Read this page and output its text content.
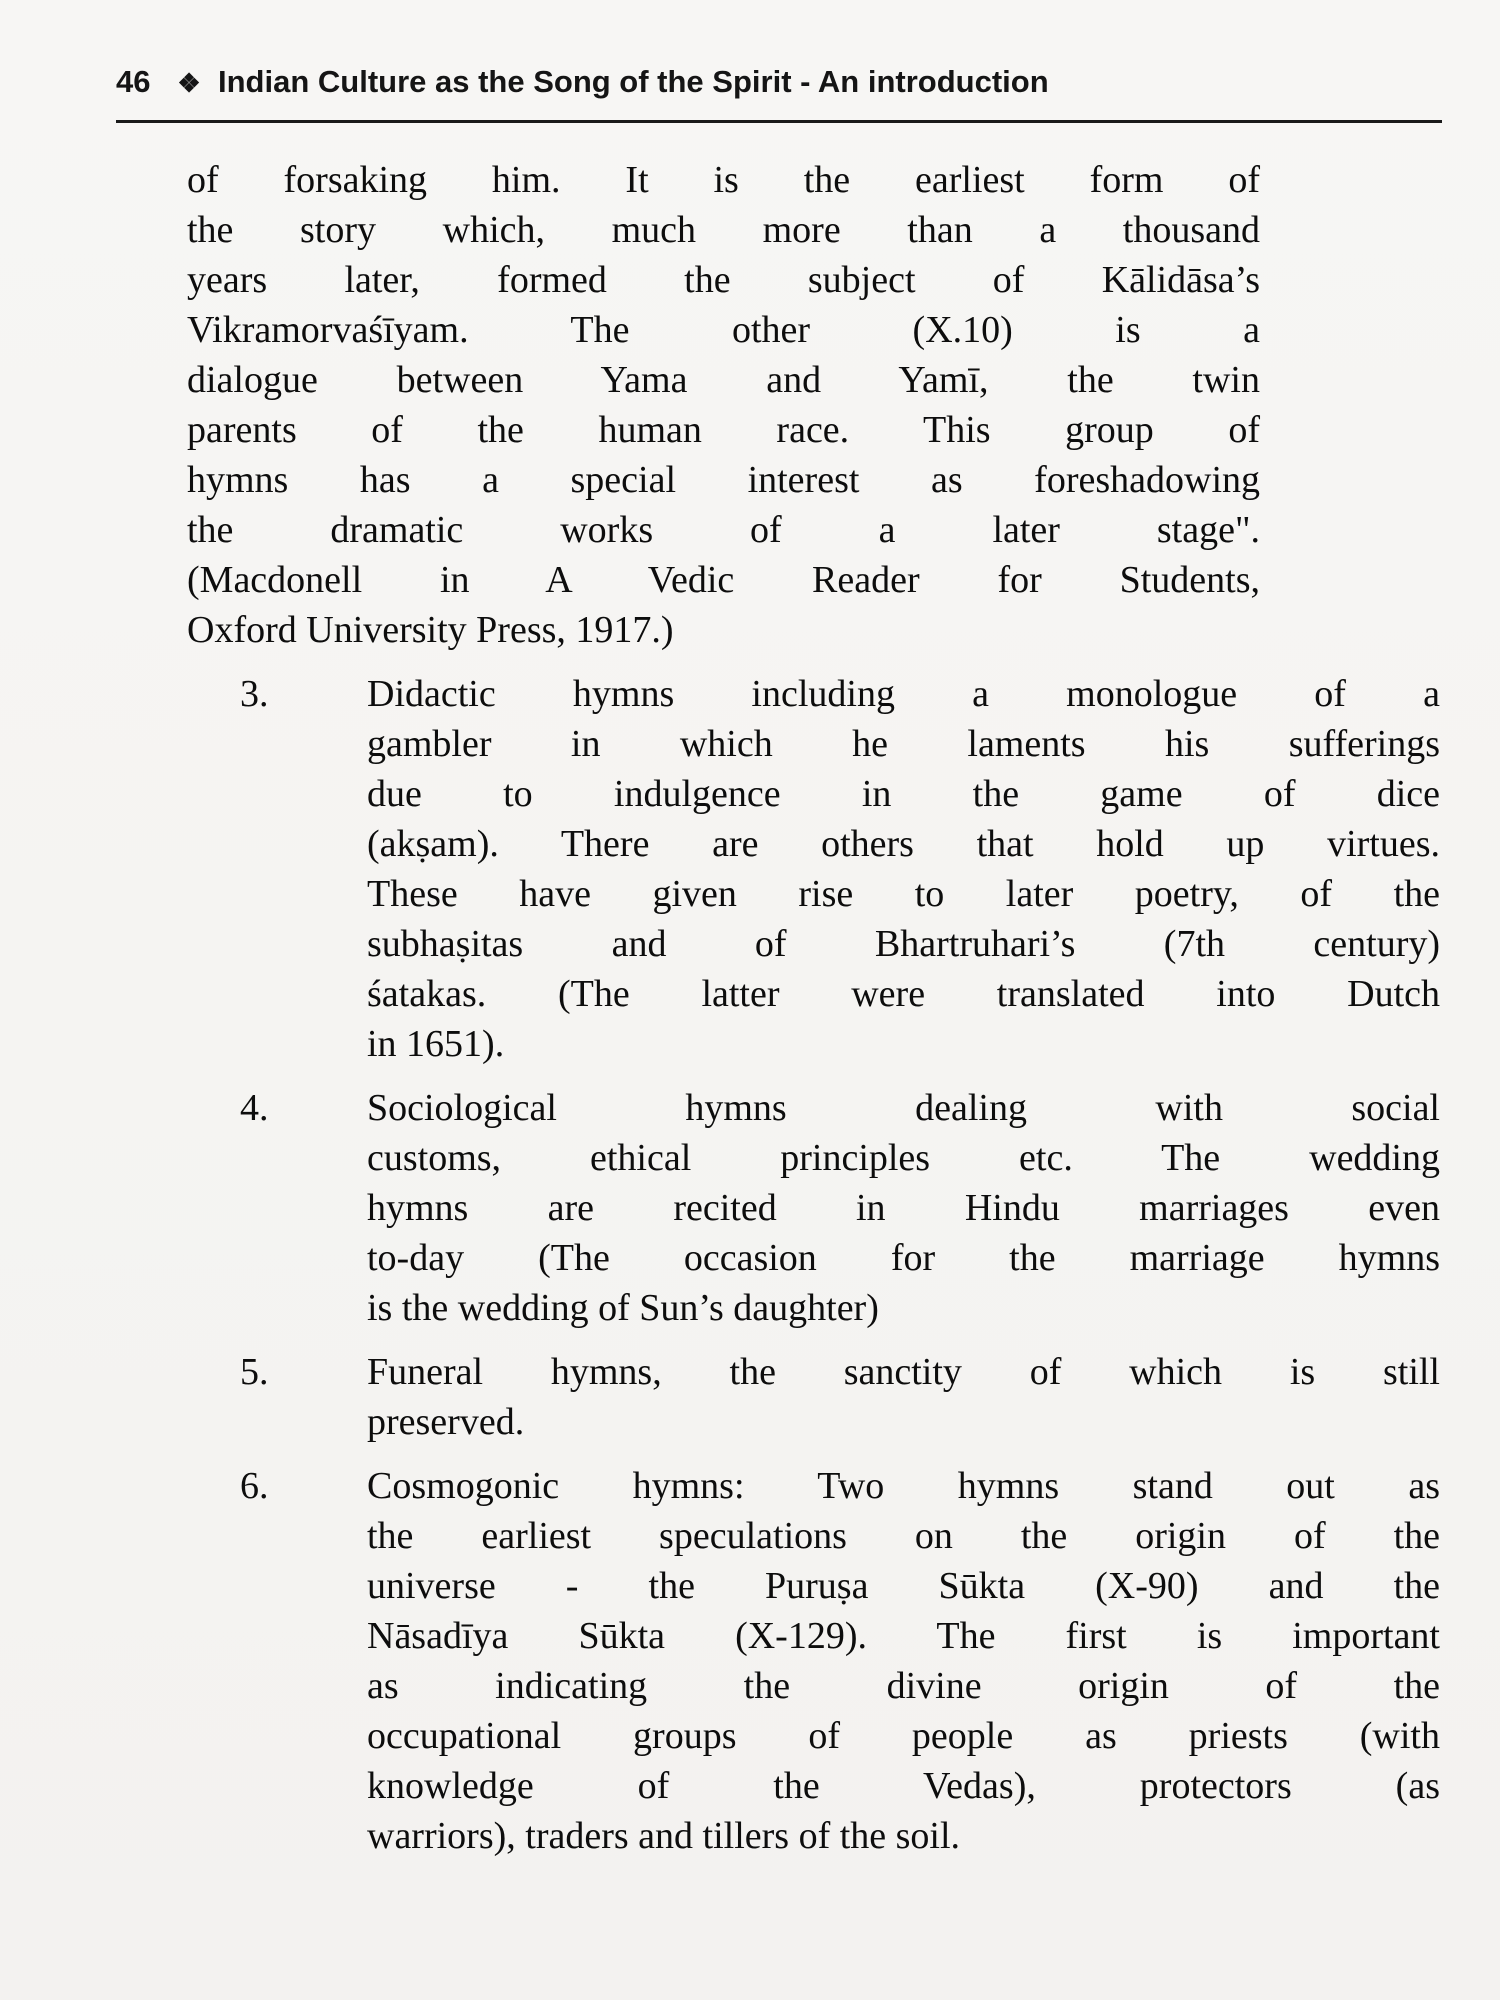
46 ❖ Indian Culture as the Song of the Spirit - An introduction
of forsaking him. It is the earliest form of
the story which, much more than a thousand
years later, formed the subject of Kālidāsa’s
Vikramorvaśīyam. The other (X.10) is a
dialogue between Yama and Yamī, the twin
parents of the human race. This group of
hymns has a special interest as foreshadowing
the dramatic works of a later stage".
(Macdonell in A Vedic Reader for Students,
Oxford University Press, 1917.)
3.	Didactic hymns including a monologue of a
gambler in which he laments his sufferings
due to indulgence in the game of dice
(akṣam). There are others that hold up virtues.
These have given rise to later poetry, of the
subhaṣitas and of Bhartruhari’s (7th century)
śatakas. (The latter were translated into Dutch
in 1651).
4.	Sociological hymns dealing with social
customs, ethical principles etc. The wedding
hymns are recited in Hindu marriages even
to-day (The occasion for the marriage hymns
is the wedding of Sun’s daughter)
5.	Funeral hymns, the sanctity of which is still
preserved.
6.	Cosmogonic hymns: Two hymns stand out as
the earliest speculations on the origin of the
universe - the Puruṣa Sūkta (X-90) and the
Nāsadīya Sūkta (X-129). The first is important
as indicating the divine origin of the
occupational groups of people as priests (with
knowledge of the Vedas), protectors (as
warriors), traders and tillers of the soil.
